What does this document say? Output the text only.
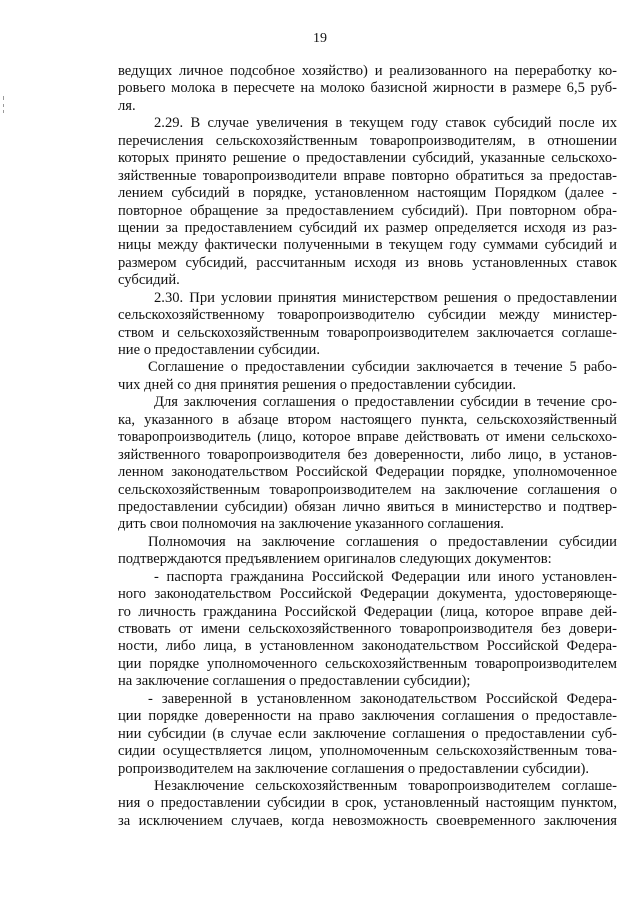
19
ведущих личное подсобное хозяйство) и реализованного на переработку ко-
ровьего молока в пересчете на молоко базисной жирности в размере 6,5 руб-
ля.
2.29. В случае увеличения в текущем году ставок субсидий после их
перечисления сельскохозяйственным товаропроизводителям, в отношении
которых принято решение о предоставлении субсидий, указанные сельскохо-
зяйственные товаропроизводители вправе повторно обратиться за предостав-
лением субсидий в порядке, установленном настоящим Порядком (далее -
повторное обращение за предоставлением субсидий). При повторном обра-
щении за предоставлением субсидий их размер определяется исходя из раз-
ницы между фактически полученными в текущем году суммами субсидий и
размером субсидий, рассчитанным исходя из вновь установленных ставок
субсидий.
2.30. При условии принятия министерством решения о предоставлении
сельскохозяйственному товаропроизводителю субсидии между министер-
ством и сельскохозяйственным товаропроизводителем заключается соглаше-
ние о предоставлении субсидии.
Соглашение о предоставлении субсидии заключается в течение 5 рабо-
чих дней со дня принятия решения о предоставлении субсидии.
Для заключения соглашения о предоставлении субсидии в течение сро-
ка, указанного в абзаце втором настоящего пункта, сельскохозяйственный
товаропроизводитель (лицо, которое вправе действовать от имени сельскохо-
зяйственного товаропроизводителя без доверенности, либо лицо, в установ-
ленном законодательством Российской Федерации порядке, уполномоченное
сельскохозяйственным товаропроизводителем на заключение соглашения о
предоставлении субсидии) обязан лично явиться в министерство и подтвер-
дить свои полномочия на заключение указанного соглашения.
Полномочия на заключение соглашения о предоставлении субсидии
подтверждаются предъявлением оригиналов следующих документов:
- паспорта гражданина Российской Федерации или иного установлен-
ного законодательством Российской Федерации документа, удостоверяюще-
го личность гражданина Российской Федерации (лица, которое вправе дей-
ствовать от имени сельскохозяйственного товаропроизводителя без довери-
ности, либо лица, в установленном законодательством Российской Федера-
ции порядке уполномоченного сельскохозяйственным товаропроизводителем
на заключение соглашения о предоставлении субсидии);
- заверенной в установленном законодательством Российской Федера-
ции порядке доверенности на право заключения соглашения о предоставле-
нии субсидии (в случае если заключение соглашения о предоставлении суб-
сидии осуществляется лицом, уполномоченным сельскохозяйственным това-
ропроизводителем на заключение соглашения о предоставлении субсидии).
Незаключение сельскохозяйственным товаропроизводителем соглаше-
ния о предоставлении субсидии в срок, установленный настоящим пунктом,
за исключением случаев, когда невозможность своевременного заключения
